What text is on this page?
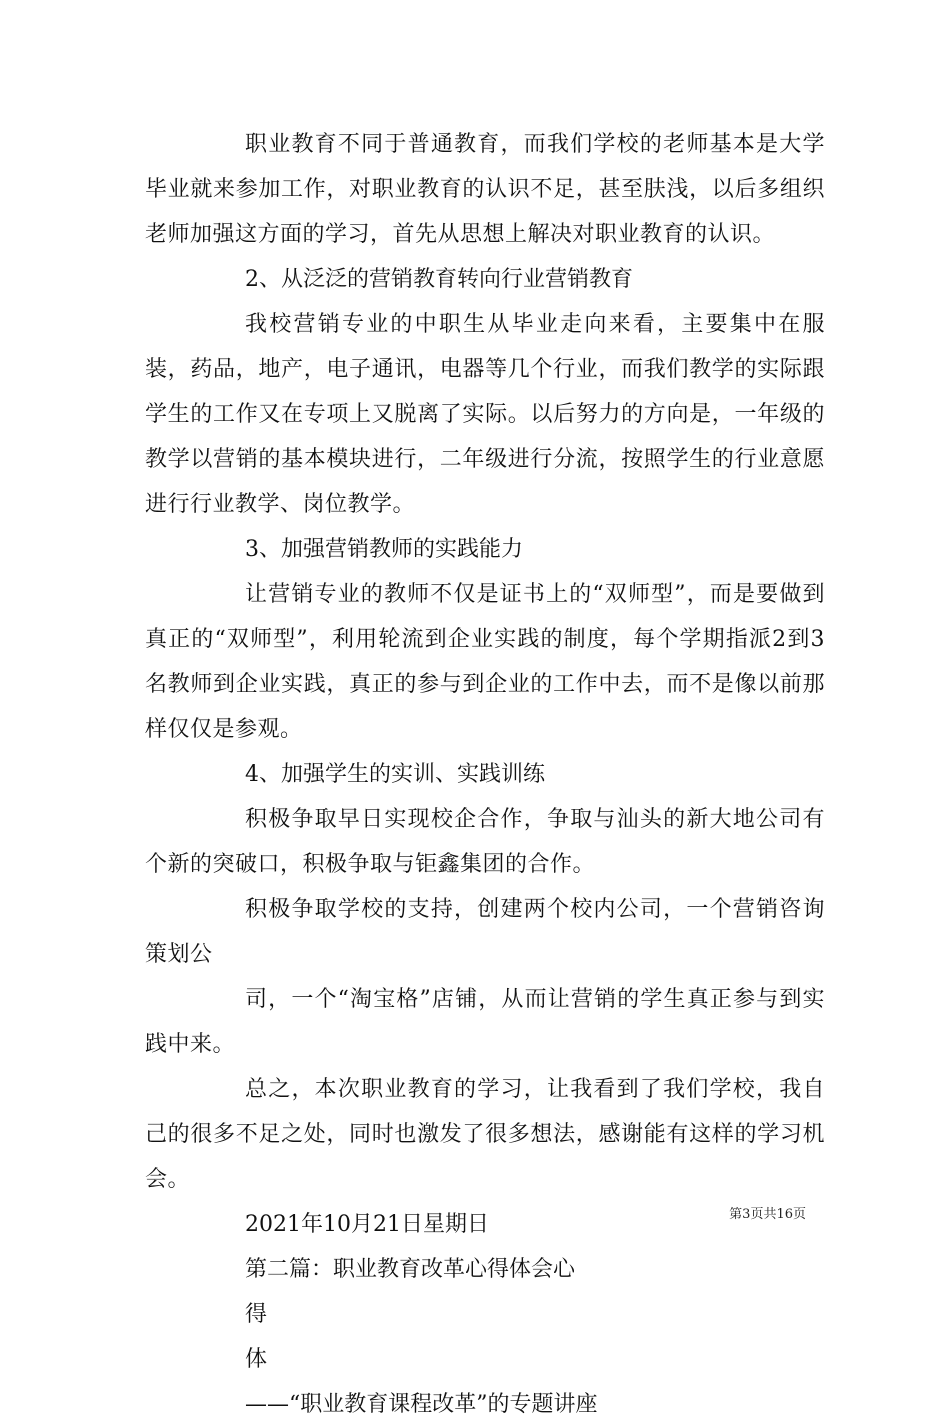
职业教育不同于普通教育，而我们学校的老师基本是大学毕业就来参加工作，对职业教育的认识不足，甚至肤浅，以后多组织老师加强这方面的学习，首先从思想上解决对职业教育的认识。

2、从泛泛的营销教育转向行业营销教育

我校营销专业的中职生从毕业走向来看，主要集中在服装，药品，地产，电子通讯，电器等几个行业，而我们教学的实际跟学生的工作又在专项上又脱离了实际。以后努力的方向是，一年级的教学以营销的基本模块进行，二年级进行分流，按照学生的行业意愿进行行业教学、岗位教学。

3、加强营销教师的实践能力

让营销专业的教师不仅是证书上的“双师型”，而是要做到真正的“双师型”，利用轮流到企业实践的制度，每个学期指派2到3名教师到企业实践，真正的参与到企业的工作中去，而不是像以前那样仅仅是参观。

4、加强学生的实训、实践训练

积极争取早日实现校企合作，争取与汕头的新大地公司有个新的突破口，积极争取与钜鑫集团的合作。

积极争取学校的支持，创建两个校内公司，一个营销咨询策划公

司，一个“淘宝格”店铺，从而让营销的学生真正参与到实践中来。

总之，本次职业教育的学习，让我看到了我们学校，我自己的很多不足之处，同时也激发了很多想法，感谢能有这样的学习机会。

2021年10月21日星期日

第二篇：职业教育改革心得体会心

得

体

——“职业教育课程改革”的专题讲座

第3页共16页
